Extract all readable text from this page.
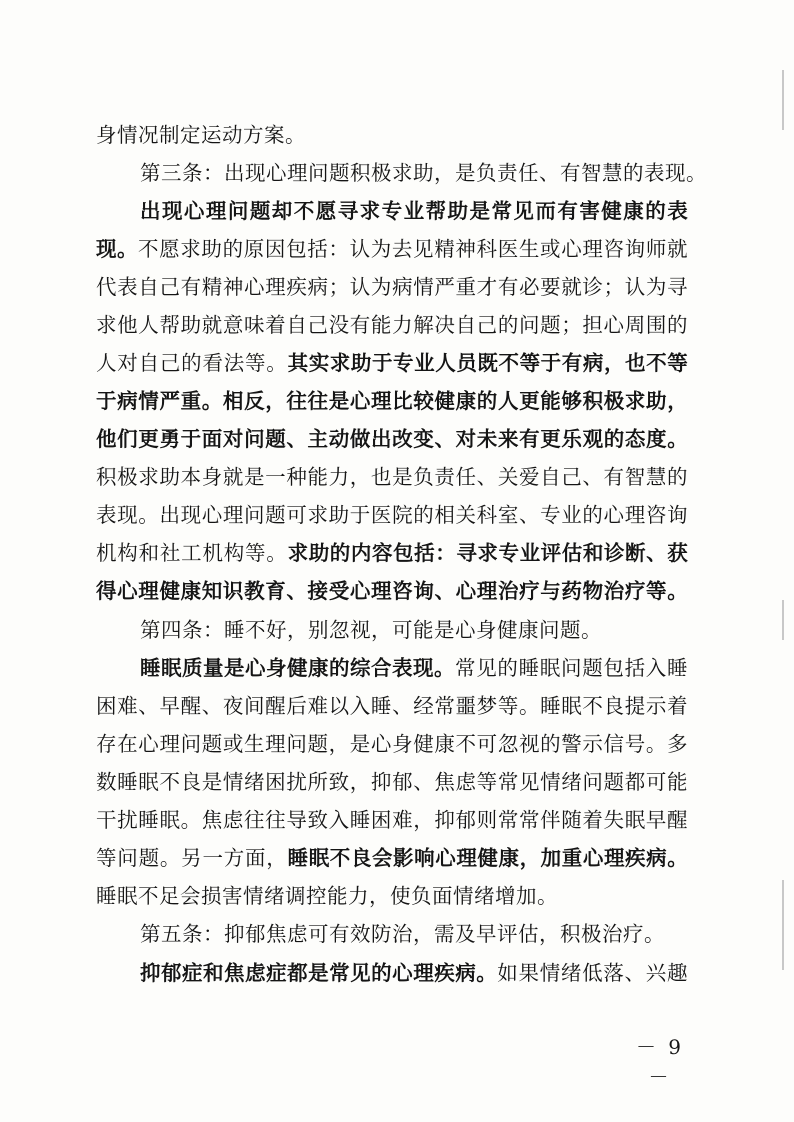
身情况制定运动方案。
第三条：出现心理问题积极求助，是负责任、有智慧的表现。
出现心理问题却不愿寻求专业帮助是常见而有害健康的表
现。不愿求助的原因包括：认为去见精神科医生或心理咨询师就
代表自己有精神心理疾病；认为病情严重才有必要就诊；认为寻
求他人帮助就意味着自己没有能力解决自己的问题；担心周围的
人对自己的看法等。其实求助于专业人员既不等于有病，也不等
于病情严重。相反，往往是心理比较健康的人更能够积极求助，
他们更勇于面对问题、主动做出改变、对未来有更乐观的态度。
积极求助本身就是一种能力，也是负责任、关爱自己、有智慧的
表现。出现心理问题可求助于医院的相关科室、专业的心理咨询
机构和社工机构等。求助的内容包括：寻求专业评估和诊断、获
得心理健康知识教育、接受心理咨询、心理治疗与药物治疗等。
第四条：睡不好，别忽视，可能是心身健康问题。
睡眠质量是心身健康的综合表现。常见的睡眠问题包括入睡
困难、早醒、夜间醒后难以入睡、经常噩梦等。睡眠不良提示着
存在心理问题或生理问题，是心身健康不可忽视的警示信号。多
数睡眠不良是情绪困扰所致，抑郁、焦虑等常见情绪问题都可能
干扰睡眠。焦虑往往导致入睡困难，抑郁则常常伴随着失眠早醒
等问题。另一方面，睡眠不良会影响心理健康，加重心理疾病。
睡眠不足会损害情绪调控能力，使负面情绪增加。
第五条：抑郁焦虑可有效防治，需及早评估，积极治疗。
抑郁症和焦虑症都是常见的心理疾病。如果情绪低落、兴趣
－ 9 －
